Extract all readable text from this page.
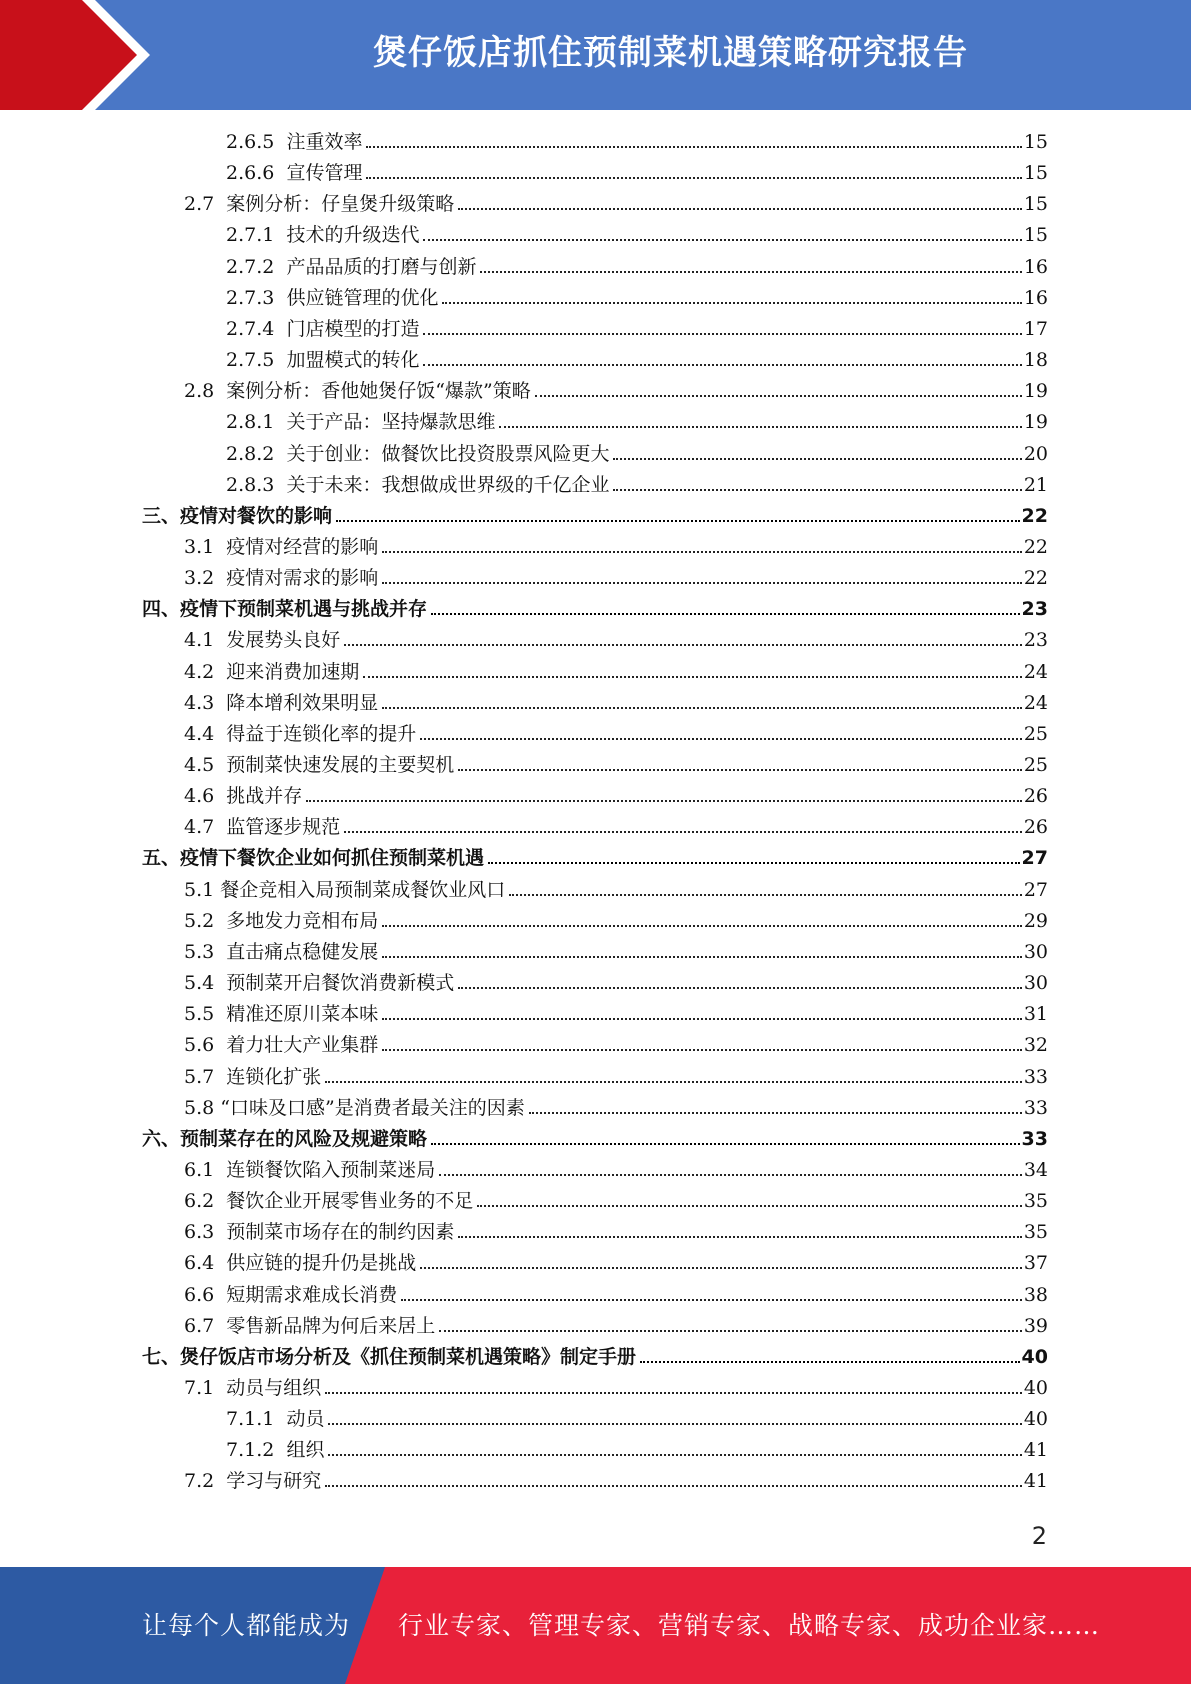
煲仔饭店抓住预制菜机遇策略研究报告
2.6.5 注重效率	15
2.6.6 宣传管理	15
2.7 案例分析：仔皇煲升级策略	15
2.7.1 技术的升级迭代	15
2.7.2 产品品质的打磨与创新	16
2.7.3 供应链管理的优化	16
2.7.4 门店模型的打造	17
2.7.5 加盟模式的转化	18
2.8 案例分析：香他她煲仔饭“爆款”策略	19
2.8.1 关于产品：坚持爆款思维	19
2.8.2 关于创业：做餐饮比投资股票风险更大	20
2.8.3 关于未来：我想做成世界级的千亿企业	21
三、 疫情对餐饮的影响	22
3.1 疫情对经营的影响	22
3.2 疫情对需求的影响	22
四、 疫情下预制菜机遇与挑战并存	23
4.1 发展势头良好	23
4.2 迎来消费加速期	24
4.3 降本增利效果明显	24
4.4 得益于连锁化率的提升	25
4.5 预制菜快速发展的主要契机	25
4.6 挑战并存	26
4.7 监管逐步规范	26
五、 疫情下餐饮企业如何抓住预制菜机遇	27
5.1 餐企竞相入局预制菜成餐饮业风口	27
5.2 多地发力竞相布局	29
5.3 直击痛点稳健发展	30
5.4 预制菜开启餐饮消费新模式	30
5.5 精准还原川菜本味	31
5.6 着力壮大产业集群	32
5.7 连锁化扩张	33
5.8 “口味及口感”是消费者最关注的因素	33
六、 预制菜存在的风险及规避策略	33
6.1 连锁餐饮陷入预制菜迷局	34
6.2 餐饮企业开展零售业务的不足	35
6.3 预制菜市场存在的制约因素	35
6.4 供应链的提升仍是挑战	37
6.6 短期需求难成长消费	38
6.7 零售新品牌为何后来居上	39
七、 煲仔饭店市场分析及《抓住预制菜机遇策略》制定手册	40
7.1 动员与组织	40
7.1.1 动员	40
7.1.2 组织	41
7.2 学习与研究	41
2
让每个人都能成为 行业专家、管理专家、营销专家、战略专家、成功企业家……
